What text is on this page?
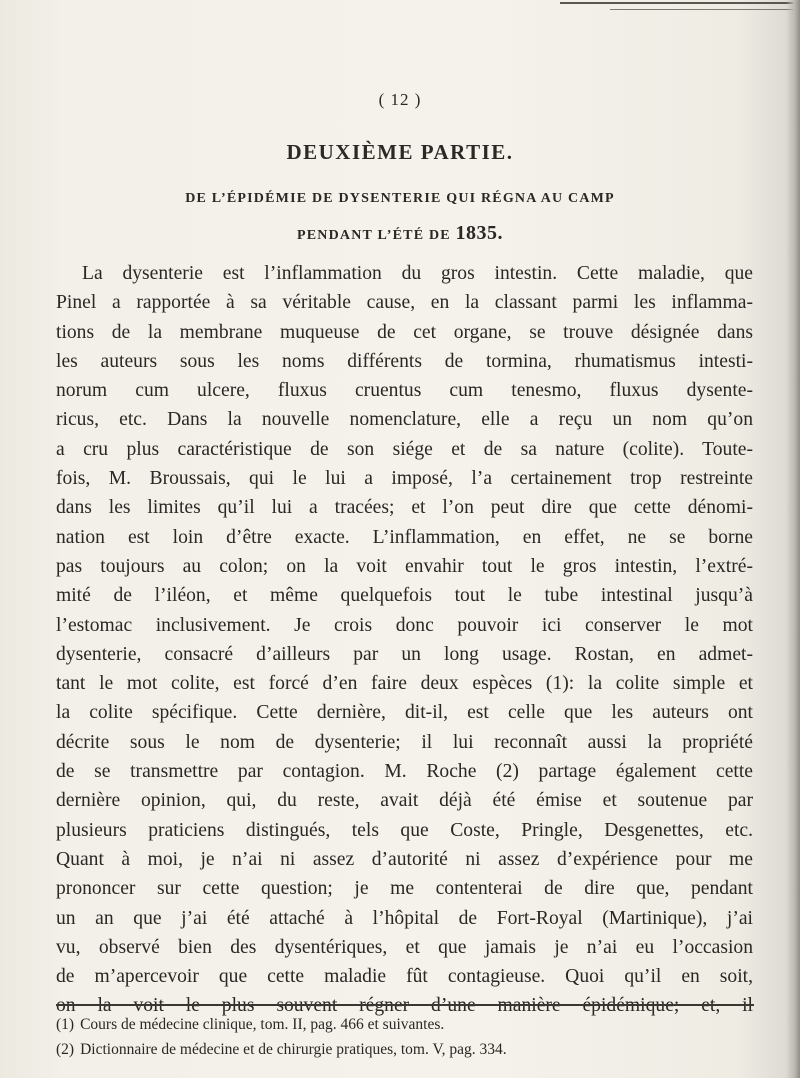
( 12 )
DEUXIÈME PARTIE.
DE L’ÉPIDÉMIE DE DYSENTERIE QUI RÉGNA AU CAMP
PENDANT L’ÉTÉ DE 1835.
La dysenterie est l’inflammation du gros intestin. Cette maladie, que
Pinel a rapportée à sa véritable cause, en la classant parmi les inflamma-
tions de la membrane muqueuse de cet organe, se trouve désignée dans
les auteurs sous les noms différents de tormina, rhumatismus intesti-
norum cum ulcere, fluxus cruentus cum tenesmo, fluxus dysente-
ricus, etc. Dans la nouvelle nomenclature, elle a reçu un nom qu’on
a cru plus caractéristique de son siége et de sa nature (colite). Toute-
fois, M. Broussais, qui le lui a imposé, l’a certainement trop restreinte
dans les limites qu’il lui a tracées; et l’on peut dire que cette dénomi-
nation est loin d’être exacte. L’inflammation, en effet, ne se borne
pas toujours au colon; on la voit envahir tout le gros intestin, l’extré-
mité de l’iléon, et même quelquefois tout le tube intestinal jusqu’à
l’estomac inclusivement. Je crois donc pouvoir ici conserver le mot
dysenterie, consacré d’ailleurs par un long usage. Rostan, en admet-
tant le mot colite, est forcé d’en faire deux espèces (1): la colite simple et
la colite spécifique. Cette dernière, dit-il, est celle que les auteurs ont
décrite sous le nom de dysenterie; il lui reconnaît aussi la propriété
de se transmettre par contagion. M. Roche (2) partage également cette
dernière opinion, qui, du reste, avait déjà été émise et soutenue par
plusieurs praticiens distingués, tels que Coste, Pringle, Desgenettes, etc.
Quant à moi, je n’ai ni assez d’autorité ni assez d’expérience pour me
prononcer sur cette question; je me contenterai de dire que, pendant
un an que j’ai été attaché à l’hôpital de Fort-Royal (Martinique), j’ai
vu, observé bien des dysentériques, et que jamais je n’ai eu l’occasion
de m’apercevoir que cette maladie fût contagieuse. Quoi qu’il en soit,
(1) Cours de médecine clinique, tom. II, pag. 466 et suivantes.
(2) Dictionnaire de médecine et de chirurgie pratiques, tom. V, pag. 334.
